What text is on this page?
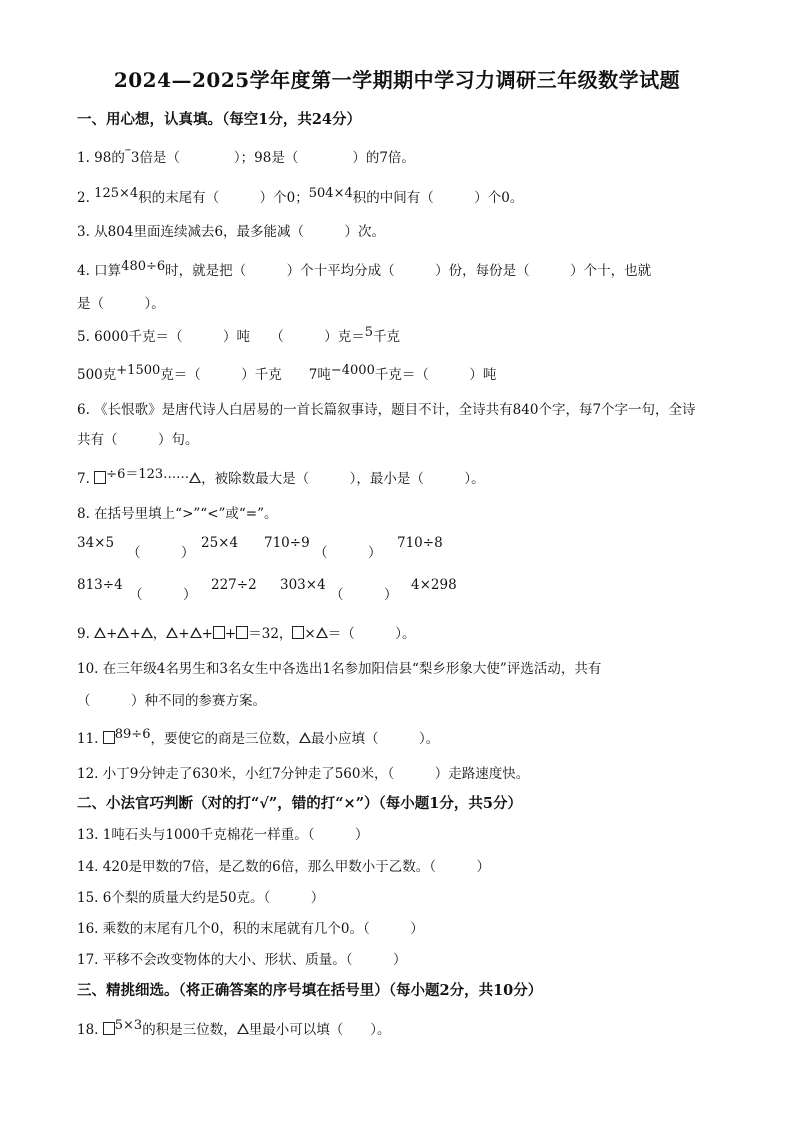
2024—2025学年度第一学期期中学习力调研三年级数学试题
一、用心想，认真填。（每空1分，共24分）
1. 98的⁗3倍是（　　　　）；98是（　　　　）的7倍。
2. 125×4积的末尾有（　　　）个0；504×4积的中间有（　　　）个0。
3. 从804里面连续减去6，最多能减（　　　）次。
4. 口算480÷6时，就是把（　　　）个十平均分成（　　　）份，每份是（　　　）个十，也就
是（　　　）。
5. 6000千克＝（　　　）吨　　（　　　）克＝5千克
500克+1500克＝（　　　）千克　　7吨−4000千克＝（　　　）吨
6. 《长恨歌》是唐代诗人白居易的一首长篇叙事诗，题目不计，全诗共有840个字，每7个字一句，全诗
共有（　　　）句。
7. ÷6＝123…… ，被除数最大是（　　　），最小是（　　　）。
8. 在括号里填上“>”“<”或“=”。
34×5
（　　　）
25×4 710÷9
（　　　）
710÷8
813÷4
（　　　）
227÷2 303×4
（　　　）
4×298
9. + + ， + + + ＝32， × ＝（　　　）。
10. 在三年级4名男生和3名女生中各选出1名参加阳信县“梨乡形象大使”评选活动，共有
（　　　）种不同的参赛方案。
11. 89÷6，要使它的商是三位数， 最小应填（　　　）。
12. 小丁9分钟走了630米，小红7分钟走了560米，（　　　）走路速度快。
二、小法官巧判断（对的打“√”，错的打“×”）（每小题1分，共5分）
13. 1吨石头与1000千克棉花一样重。（　　　）
14. 420是甲数的7倍，是乙数的6倍，那么甲数小于乙数。（　　　）
15. 6个梨的质量大约是50克。（　　　）
16. 乘数的末尾有几个0，积的末尾就有几个0。（　　　）
17. 平移不会改变物体的大小、形状、质量。（　　　）
三、精挑细选。（将正确答案的序号填在括号里）（每小题2分，共10分）
18. 5×3的积是三位数， 里最小可以填（　　）。
